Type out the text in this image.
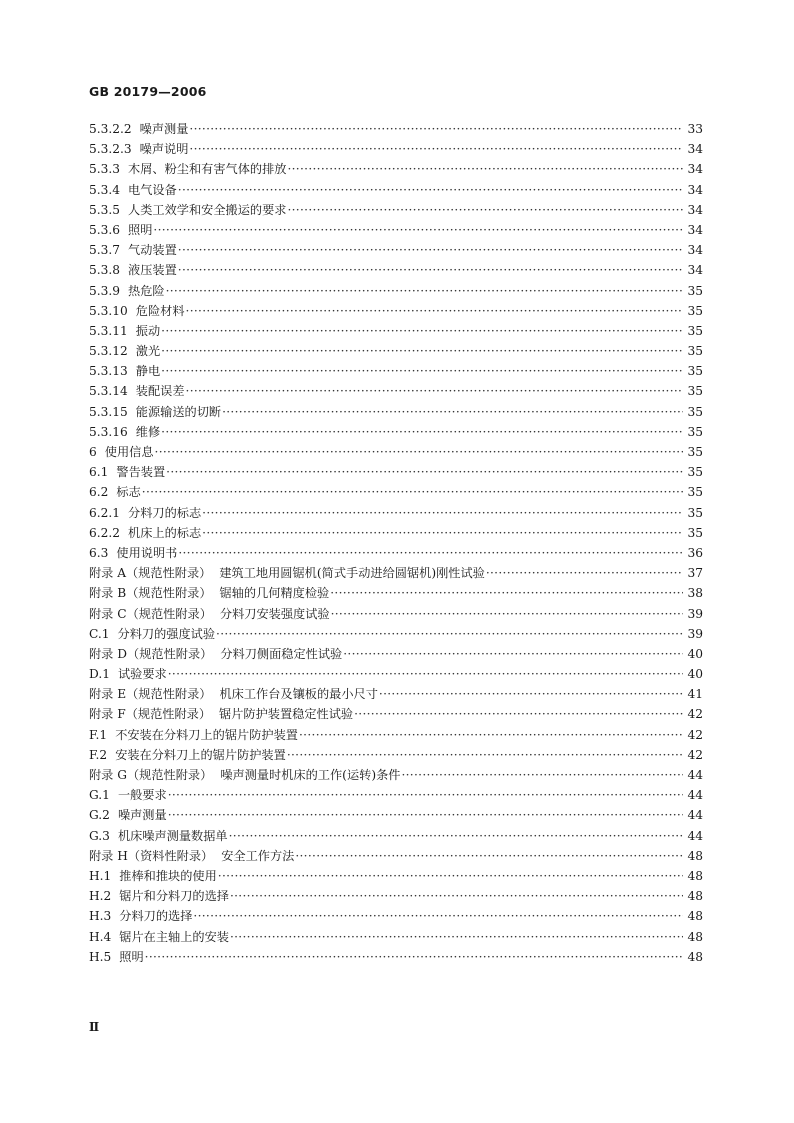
GB 20179—2006
5.3.2.2 噪声测量 ·····	33
5.3.2.3 噪声说明 ·····	34
5.3.3 木屑、粉尘和有害气体的排放 ·····	34
5.3.4 电气设备 ·····	34
5.3.5 人类工效学和安全搬运的要求 ·····	34
5.3.6 照明 ·····	34
5.3.7 气动装置 ·····	34
5.3.8 液压装置 ·····	34
5.3.9 热危险 ·····	35
5.3.10 危险材料 ·····	35
5.3.11 振动 ·····	35
5.3.12 激光 ·····	35
5.3.13 静电 ·····	35
5.3.14 装配误差 ·····	35
5.3.15 能源输送的切断 ·····	35
5.3.16 维修 ·····	35
6 使用信息 ·····	35
6.1 警告装置 ·····	35
6.2 标志 ·····	35
6.2.1 分料刀的标志 ·····	35
6.2.2 机床上的标志 ·····	35
6.3 使用说明书 ·····	36
附录 A（规范性附录） 建筑工地用圆锯机(简式手动进给圆锯机)刚性试验 ·····	37
附录 B（规范性附录） 锯轴的几何精度检验 ·····	38
附录 C（规范性附录） 分料刀安装强度试验 ·····	39
C.1 分料刀的强度试验 ·····	39
附录 D（规范性附录） 分料刀侧面稳定性试验 ·····	40
D.1 试验要求 ·····	40
附录 E（规范性附录） 机床工作台及镶板的最小尺寸 ·····	41
附录 F（规范性附录） 锯片防护装置稳定性试验 ·····	42
F.1 不安装在分料刀上的锯片防护装置 ·····	42
F.2 安装在分料刀上的锯片防护装置 ·····	42
附录 G（规范性附录） 噪声测量时机床的工作(运转)条件 ·····	44
G.1 一般要求 ·····	44
G.2 噪声测量 ·····	44
G.3 机床噪声测量数据单 ·····	44
附录 H（资料性附录） 安全工作方法 ·····	48
H.1 推棒和推块的使用 ·····	48
H.2 锯片和分料刀的选择 ·····	48
H.3 分料刀的选择 ·····	48
H.4 锯片在主轴上的安装 ·····	48
H.5 照明 ·····	48
Ⅱ
